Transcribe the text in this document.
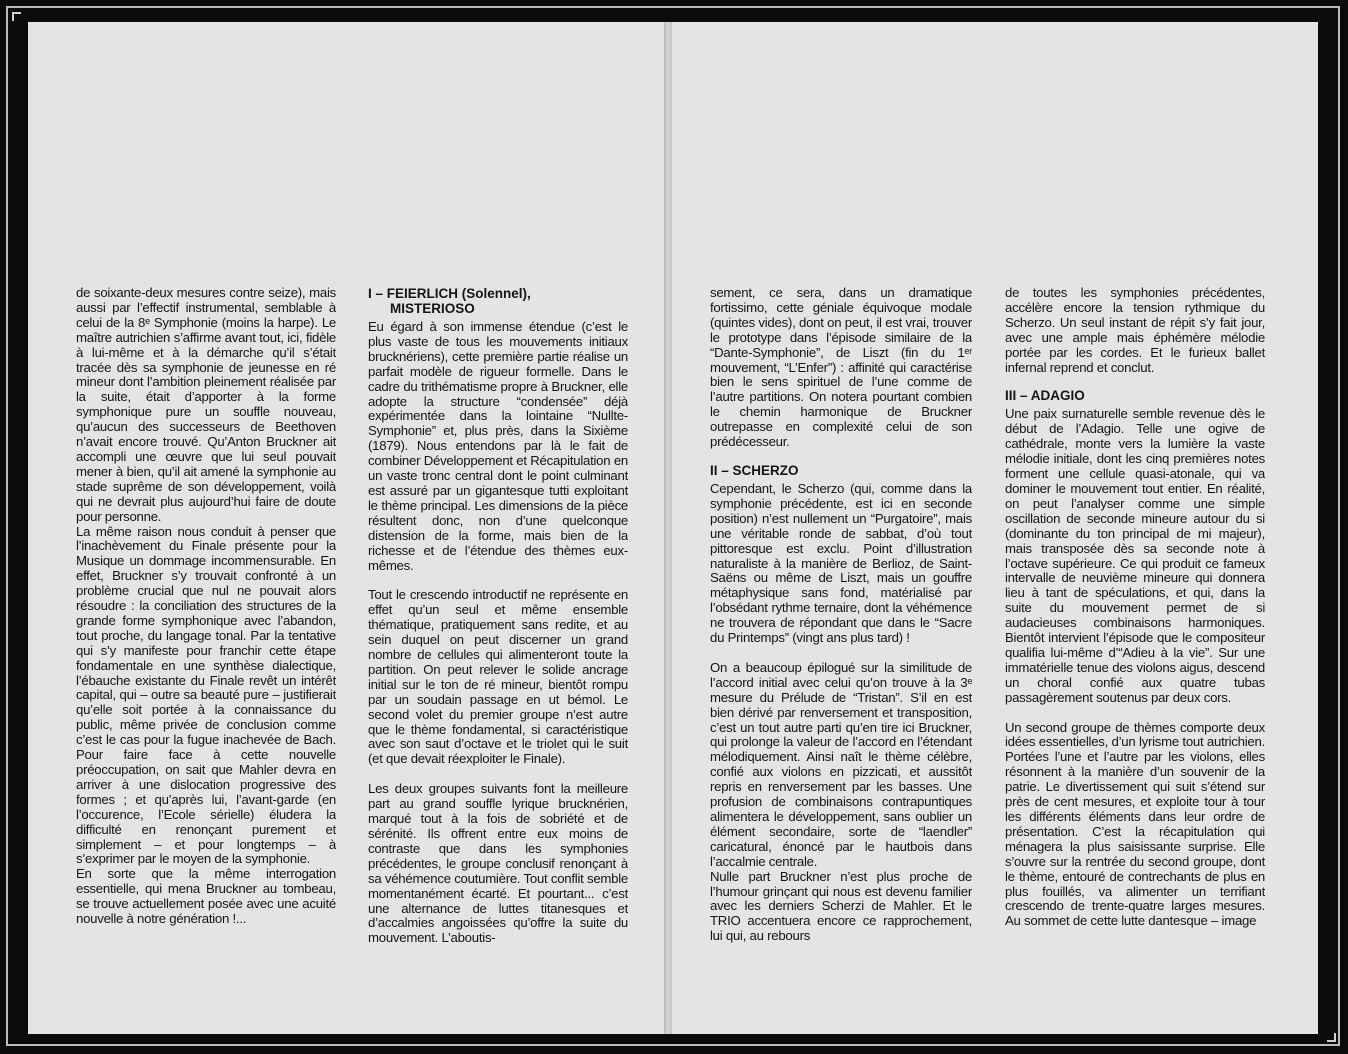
de soixante-deux mesures contre seize), mais aussi par l’effectif instrumental, semblable à celui de la 8ᵉ Symphonie (moins la harpe). Le maître autrichien s’affirme avant tout, ici, fidèle à lui-même et à la démarche qu’il s’était tracée dès sa symphonie de jeunesse en ré mineur dont l’ambition pleinement réalisée par la suite, était d’apporter à la forme symphonique pure un souffle nouveau, qu’aucun des successeurs de Beethoven n’avait encore trouvé. Qu’Anton Bruckner ait accompli une œuvre que lui seul pouvait mener à bien, qu’il ait amené la symphonie au stade suprême de son développement, voilà qui ne devrait plus aujourd’hui faire de doute pour personne.

La même raison nous conduit à penser que l’inachèvement du Finale présente pour la Musique un dommage incommensurable. En effet, Bruckner s’y trouvait confronté à un problème crucial que nul ne pouvait alors résoudre : la conciliation des structures de la grande forme symphonique avec l’abandon, tout proche, du langage tonal. Par la tentative qui s’y manifeste pour franchir cette étape fondamentale en une synthèse dialectique, l’ébauche existante du Finale revêt un intérêt capital, qui – outre sa beauté pure – justifierait qu’elle soit portée à la connaissance du public, même privée de conclusion comme c’est le cas pour la fugue inachevée de Bach. Pour faire face à cette nouvelle préoccupation, on sait que Mahler devra en arriver à une dislocation progressive des formes ; et qu’après lui, l’avant-garde (en l’occurence, l’Ecole sérielle) éludera la difficulté en renonçant purement et simplement – et pour longtemps – à s’exprimer par le moyen de la symphonie.

En sorte que la même interrogation essentielle, qui mena Bruckner au tombeau, se trouve actuellement posée avec une acuité nouvelle à notre génération !...

I – FEIERLICH (Solennel),
MISTERIOSO

Eu égard à son immense étendue (c’est le plus vaste de tous les mouvements initiaux brucknériens), cette première partie réalise un parfait modèle de rigueur formelle. Dans le cadre du trithématisme propre à Bruckner, elle adopte la structure “condensée” déjà expérimentée dans la lointaine “Nullte-Symphonie” et, plus près, dans la Sixième (1879). Nous entendons par là le fait de combiner Développement et Récapitulation en un vaste tronc central dont le point culminant est assuré par un gigantesque tutti exploitant le thème principal. Les dimensions de la pièce résultent donc, non d’une quelconque distension de la forme, mais bien de la richesse et de l’étendue des thèmes eux-mêmes.

Tout le crescendo introductif ne représente en effet qu’un seul et même ensemble thématique, pratiquement sans redite, et au sein duquel on peut discerner un grand nombre de cellules qui alimenteront toute la partition. On peut relever le solide ancrage initial sur le ton de ré mineur, bientôt rompu par un soudain passage en ut bémol. Le second volet du premier groupe n’est autre que le thème fondamental, si caractéristique avec son saut d’octave et le triolet qui le suit (et que devait réexploiter le Finale).

Les deux groupes suivants font la meilleure part au grand souffle lyrique brucknérien, marqué tout à la fois de sobriété et de sérénité. Ils offrent entre eux moins de contraste que dans les symphonies précédentes, le groupe conclusif renonçant à sa véhémence coutumière. Tout conflit semble momentanément écarté. Et pourtant... c’est une alternance de luttes titanesques et d’accalmies angoissées qu’offre la suite du mouvement. L’aboutis-

sement, ce sera, dans un dramatique fortissimo, cette géniale équivoque modale (quintes vides), dont on peut, il est vrai, trouver le prototype dans l’épisode similaire de la “Dante-Symphonie”, de Liszt (fin du 1ᵉʳ mouvement, “L’Enfer”) : affinité qui caractérise bien le sens spirituel de l’une comme de l’autre partitions. On notera pourtant combien le chemin harmonique de Bruckner outrepasse en complexité celui de son prédécesseur.

II – SCHERZO

Cependant, le Scherzo (qui, comme dans la symphonie précédente, est ici en seconde position) n’est nullement un “Purgatoire”, mais une véritable ronde de sabbat, d’où tout pittoresque est exclu. Point d’illustration naturaliste à la manière de Berlioz, de Saint-Saëns ou même de Liszt, mais un gouffre métaphysique sans fond, matérialisé par l’obsédant rythme ternaire, dont la véhémence ne trouvera de répondant que dans le “Sacre du Printemps” (vingt ans plus tard) !

On a beaucoup épilogué sur la similitude de l’accord initial avec celui qu’on trouve à la 3ᵉ mesure du Prélude de “Tristan”. S’il en est bien dérivé par renversement et transposition, c’est un tout autre parti qu’en tire ici Bruckner, qui prolonge la valeur de l’accord en l’étendant mélodiquement. Ainsi naît le thème célèbre, confié aux violons en pizzicati, et aussitôt repris en renversement par les basses. Une profusion de combinaisons contrapuntiques alimentera le développement, sans oublier un élément secondaire, sorte de “laendler” caricatural, énoncé par le hautbois dans l’accalmie centrale.

Nulle part Bruckner n’est plus proche de l’humour grinçant qui nous est devenu familier avec les derniers Scherzi de Mahler. Et le TRIO accentuera encore ce rapprochement, lui qui, au rebours

de toutes les symphonies précédentes, accélère encore la tension rythmique du Scherzo. Un seul instant de répit s’y fait jour, avec une ample mais éphémère mélodie portée par les cordes. Et le furieux ballet infernal reprend et conclut.

III – ADAGIO

Une paix surnaturelle semble revenue dès le début de l’Adagio. Telle une ogive de cathédrale, monte vers la lumière la vaste mélodie initiale, dont les cinq premières notes forment une cellule quasi-atonale, qui va dominer le mouvement tout entier. En réalité, on peut l’analyser comme une simple oscillation de seconde mineure autour du si (dominante du ton principal de mi majeur), mais transposée dès sa seconde note à l’octave supérieure. Ce qui produit ce fameux intervalle de neuvième mineure qui donnera lieu à tant de spéculations, et qui, dans la suite du mouvement permet de si audacieuses combinaisons harmoniques. Bientôt intervient l’épisode que le compositeur qualifia lui-même d’“Adieu à la vie”. Sur une immatérielle tenue des violons aigus, descend un choral confié aux quatre tubas passagèrement soutenus par deux cors.

Un second groupe de thèmes comporte deux idées essentielles, d’un lyrisme tout autrichien. Portées l’une et l’autre par les violons, elles résonnent à la manière d’un souvenir de la patrie. Le divertissement qui suit s’étend sur près de cent mesures, et exploite tour à tour les différents éléments dans leur ordre de présentation. C’est la récapitulation qui ménagera la plus saisissante surprise. Elle s’ouvre sur la rentrée du second groupe, dont le thème, entouré de contrechants de plus en plus fouillés, va alimenter un terrifiant crescendo de trente-quatre larges mesures. Au sommet de cette lutte dantesque – image
